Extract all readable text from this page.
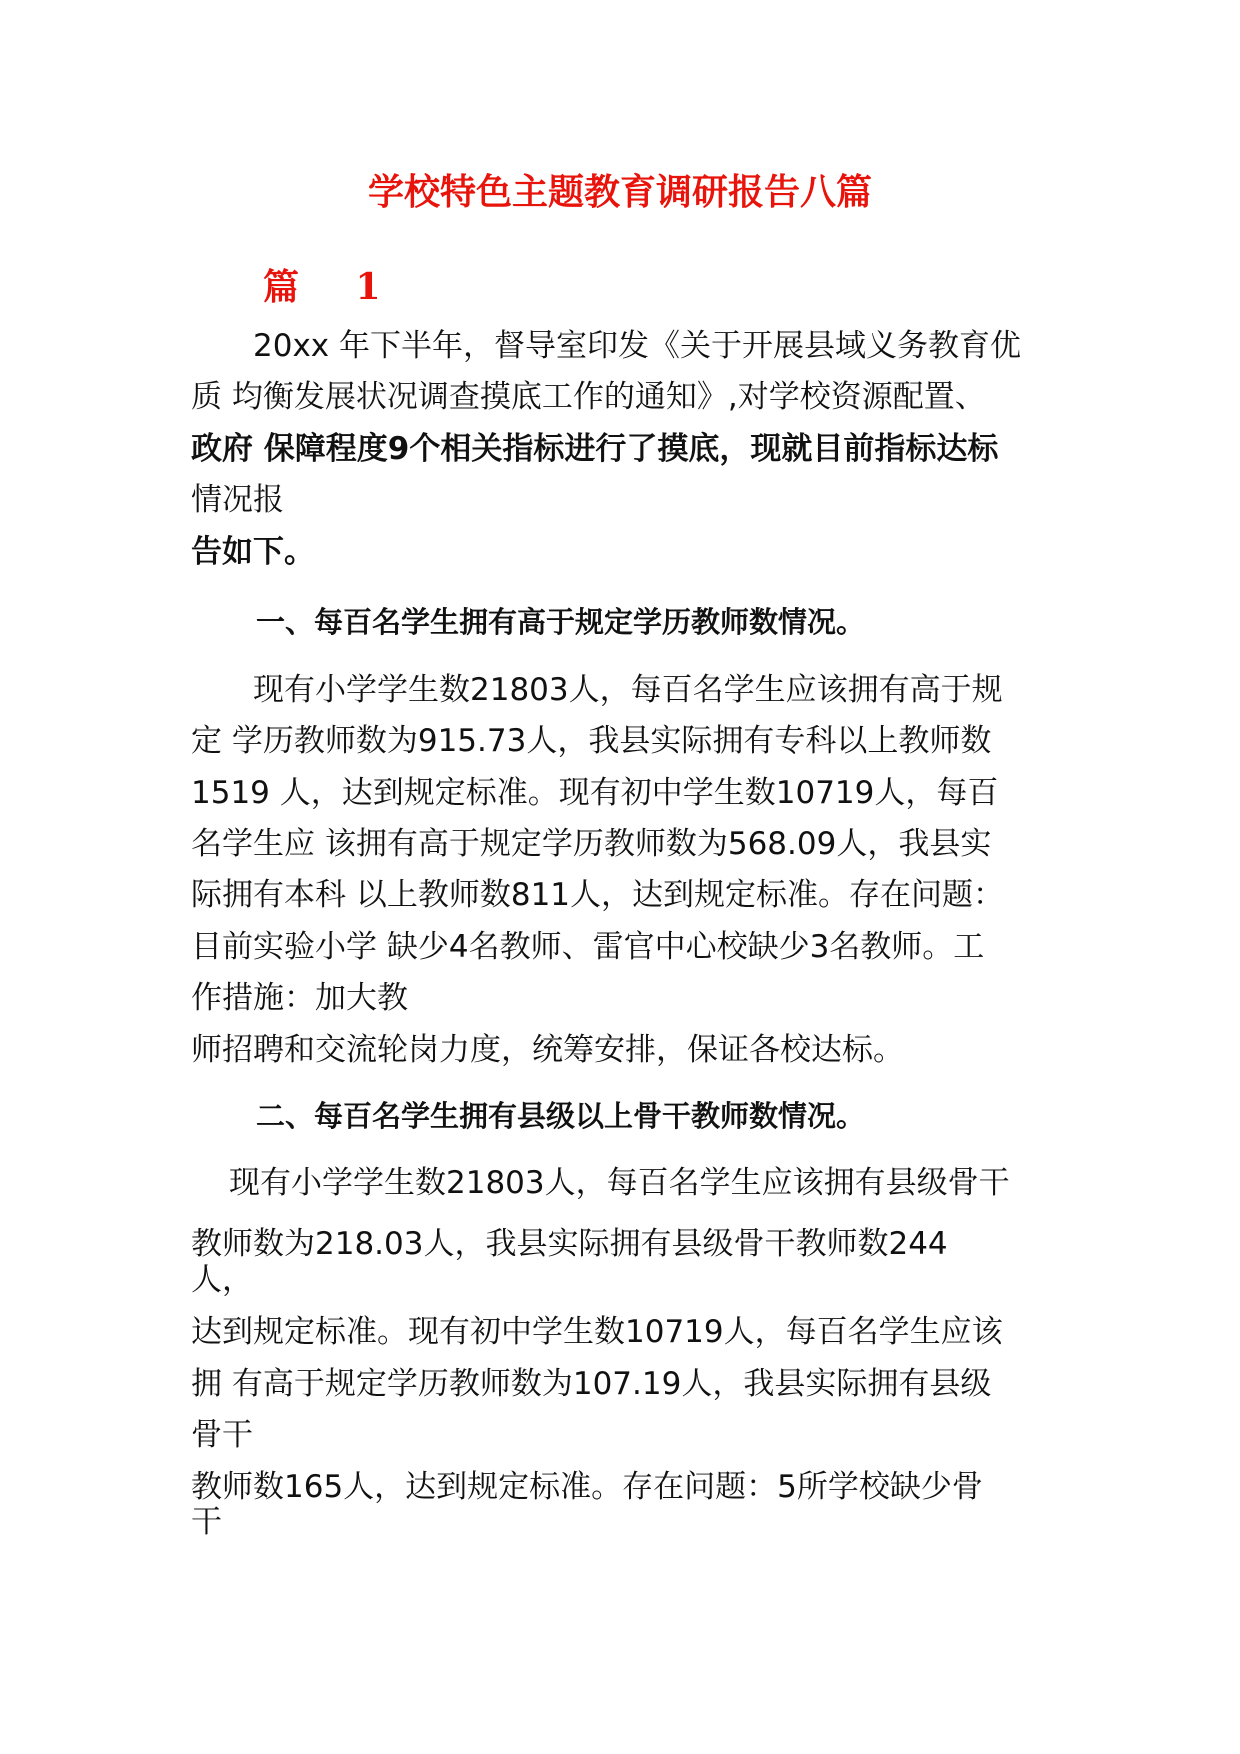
学校特色主题教育调研报告八篇
篇 1

20xx 年下半年，督导室印发《关于开展县域义务教育优

质 均衡发展状况调查摸底工作的通知》,对学校资源配置、

政府 保障程度9个相关指标进行了摸底，现就目前指标达标

情况报

告如下。

一、每百名学生拥有高于规定学历教师数情况。

现有小学学生数21803人，每百名学生应该拥有高于规

定 学历教师数为915.73人，我县实际拥有专科以上教师数

1519 人，达到规定标准。现有初中学生数10719人，每百

名学生应 该拥有高于规定学历教师数为568.09人，我县实

际拥有本科 以上教师数811人，达到规定标准。存在问题：

目前实验小学 缺少4名教师、雷官中心校缺少3名教师。工

作措施：加大教

师招聘和交流轮岗力度，统筹安排，保证各校达标。

二、每百名学生拥有县级以上骨干教师数情况。

现有小学学生数21803人，每百名学生应该拥有县级骨干

教师数为218.03人，我县实际拥有县级骨干教师数244

人，

达到规定标准。现有初中学生数10719人，每百名学生应该

拥 有高于规定学历教师数为107.19人，我县实际拥有县级

骨干

教师数165人，达到规定标准。存在问题：5所学校缺少骨

干
